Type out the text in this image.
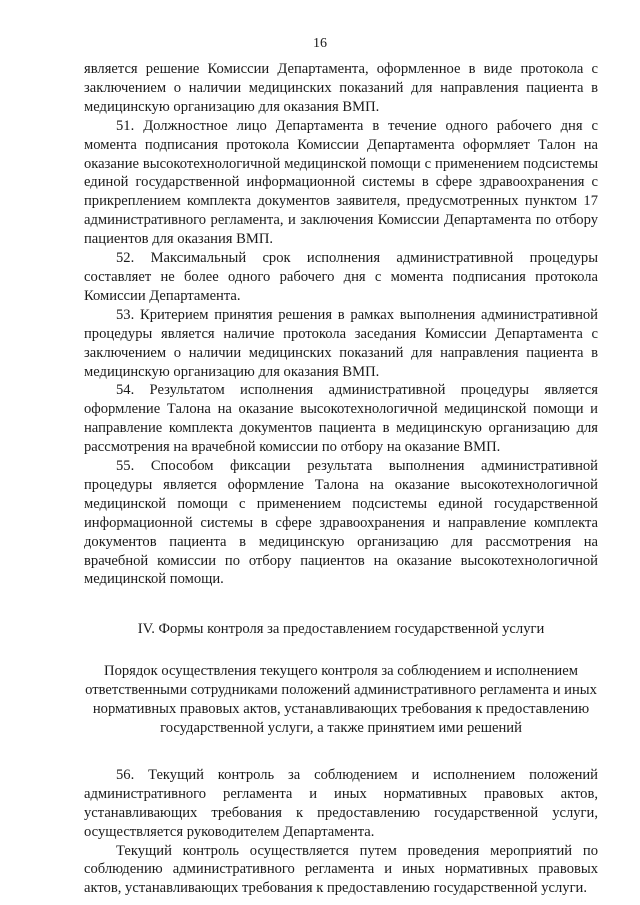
16

является решение Комиссии Департамента, оформленное в виде протокола с заключением о наличии медицинских показаний для направления пациента в медицинскую организацию для оказания ВМП.

51. Должностное лицо Департамента в течение одного рабочего дня с момента подписания протокола Комиссии Департамента оформляет Талон на оказание высокотехнологичной медицинской помощи с применением подсистемы единой государственной информационной системы в сфере здравоохранения с прикреплением комплекта документов заявителя, предусмотренных пунктом 17 административного регламента, и заключения Комиссии Департамента по отбору пациентов для оказания ВМП.

52. Максимальный срок исполнения административной процедуры составляет не более одного рабочего дня с момента подписания протокола Комиссии Департамента.

53. Критерием принятия решения в рамках выполнения административной процедуры является наличие протокола заседания Комиссии Департамента с заключением о наличии медицинских показаний для направления пациента в медицинскую организацию для оказания ВМП.

54. Результатом исполнения административной процедуры является оформление Талона на оказание высокотехнологичной медицинской помощи и направление комплекта документов пациента в медицинскую организацию для рассмотрения на врачебной комиссии по отбору на оказание ВМП.

55. Способом фиксации результата выполнения административной процедуры является оформление Талона на оказание высокотехнологичной медицинской помощи с применением подсистемы единой государственной информационной системы в сфере здравоохранения и направление комплекта документов пациента в медицинскую организацию для рассмотрения на врачебной комиссии по отбору пациентов на оказание высокотехнологичной медицинской помощи.

IV. Формы контроля за предоставлением государственной услуги
Порядок осуществления текущего контроля за соблюдением и исполнением ответственными сотрудниками положений административного регламента и иных нормативных правовых актов, устанавливающих требования к предоставлению государственной услуги, а также принятием ими решений

56. Текущий контроль за соблюдением и исполнением положений административного регламента и иных нормативных правовых актов, устанавливающих требования к предоставлению государственной услуги, осуществляется руководителем Департамента.

Текущий контроль осуществляется путем проведения мероприятий по соблюдению административного регламента и иных нормативных правовых актов, устанавливающих требования к предоставлению государственной услуги.
